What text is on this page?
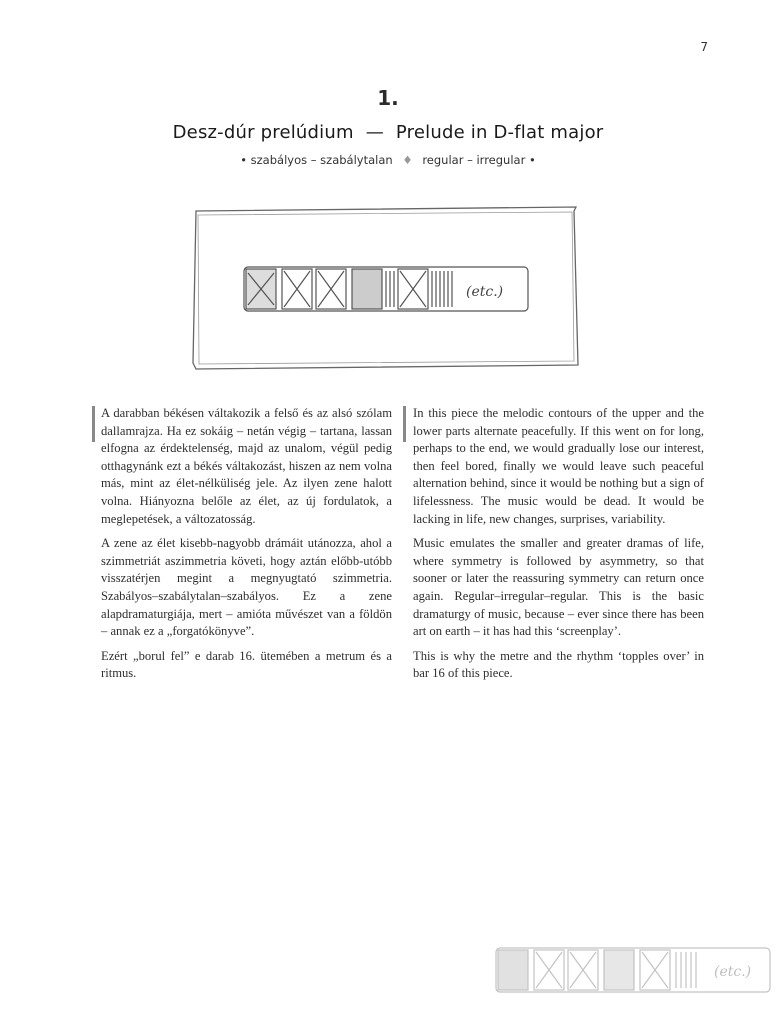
7
1.
Desz-dúr prelúdium — Prelude in D-flat major
• szabályos – szabálytalan ♦ regular – irregular •
(etc.)

A darabban békésen váltakozik a felső és az alsó szólam dallamrajza. Ha ez sokáig – netán végig – tartana, lassan elfogna az érdektelenség, majd az unalom, végül pedig otthagynánk ezt a békés váltakozást, hiszen az nem volna más, mint az élet-nélküliség jele. Az ilyen zene halott volna. Hiányozna belőle az élet, az új fordulatok, a meglepetések, a változatosság.

A zene az élet kisebb-nagyobb drámáit utánozza, ahol a szimmetriát aszimmetria követi, hogy aztán előbb-utóbb visszatérjen megint a megnyugtató szimmetria. Szabályos–szabálytalan–szabályos. Ez a zene alapdramaturgiája, mert – amióta művészet van a földön – annak ez a „forgatókönyve”.

Ezért „borul fel” e darab 16. ütemében a metrum és a ritmus.

In this piece the melodic contours of the upper and the lower parts alternate peacefully. If this went on for long, perhaps to the end, we would gradually lose our interest, then feel bored, finally we would leave such peaceful alternation behind, since it would be nothing but a sign of lifelessness. The music would be dead. It would be lacking in life, new changes, surprises, variability.

Music emulates the smaller and greater dramas of life, where symmetry is followed by asymmetry, so that sooner or later the reassuring symmetry can return once again. Regular–irregular–regular. This is the basic dramaturgy of music, because – ever since there has been art on earth – it has had this ‘screenplay’.

This is why the metre and the rhythm ‘topples over’ in bar 16 of this piece.

(etc.)
